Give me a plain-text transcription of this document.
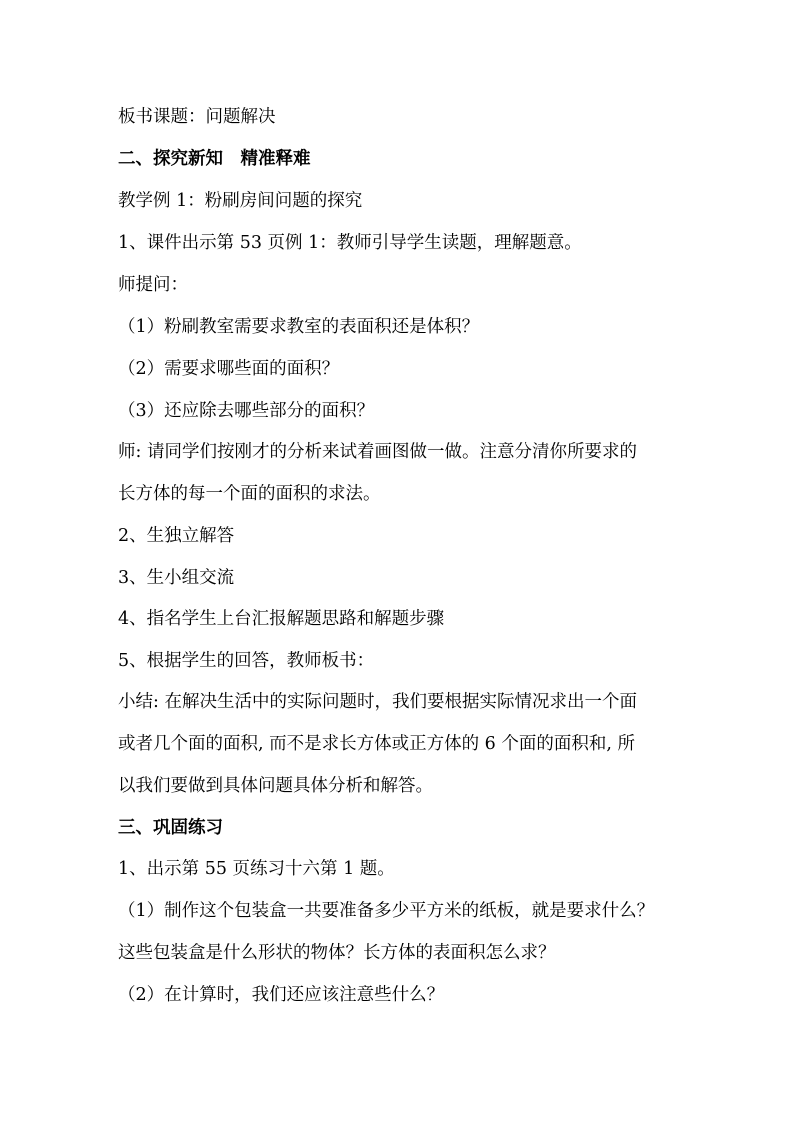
板书课题：问题解决
二、探究新知　精准释难
教学例 1：粉刷房间问题的探究
1、课件出示第 53 页例 1：教师引导学生读题，理解题意。
师提问：
（1）粉刷教室需要求教室的表面积还是体积？
（2）需要求哪些面的面积？
（3）还应除去哪些部分的面积？
师: 请同学们按刚才的分析来试着画图做一做。注意分清你所要求的
长方体的每一个面的面积的求法。
2、生独立解答
3、生小组交流
4、指名学生上台汇报解题思路和解题步骤
5、根据学生的回答，教师板书：
小结: 在解决生活中的实际问题时，我们要根据实际情况求出一个面
或者几个面的面积, 而不是求长方体或正方体的 6 个面的面积和, 所
以我们要做到具体问题具体分析和解答。
三、巩固练习
1、出示第 55 页练习十六第 1 题。
（1）制作这个包装盒一共要准备多少平方米的纸板，就是要求什么？
这些包装盒是什么形状的物体？长方体的表面积怎么求？
（2）在计算时，我们还应该注意些什么？
